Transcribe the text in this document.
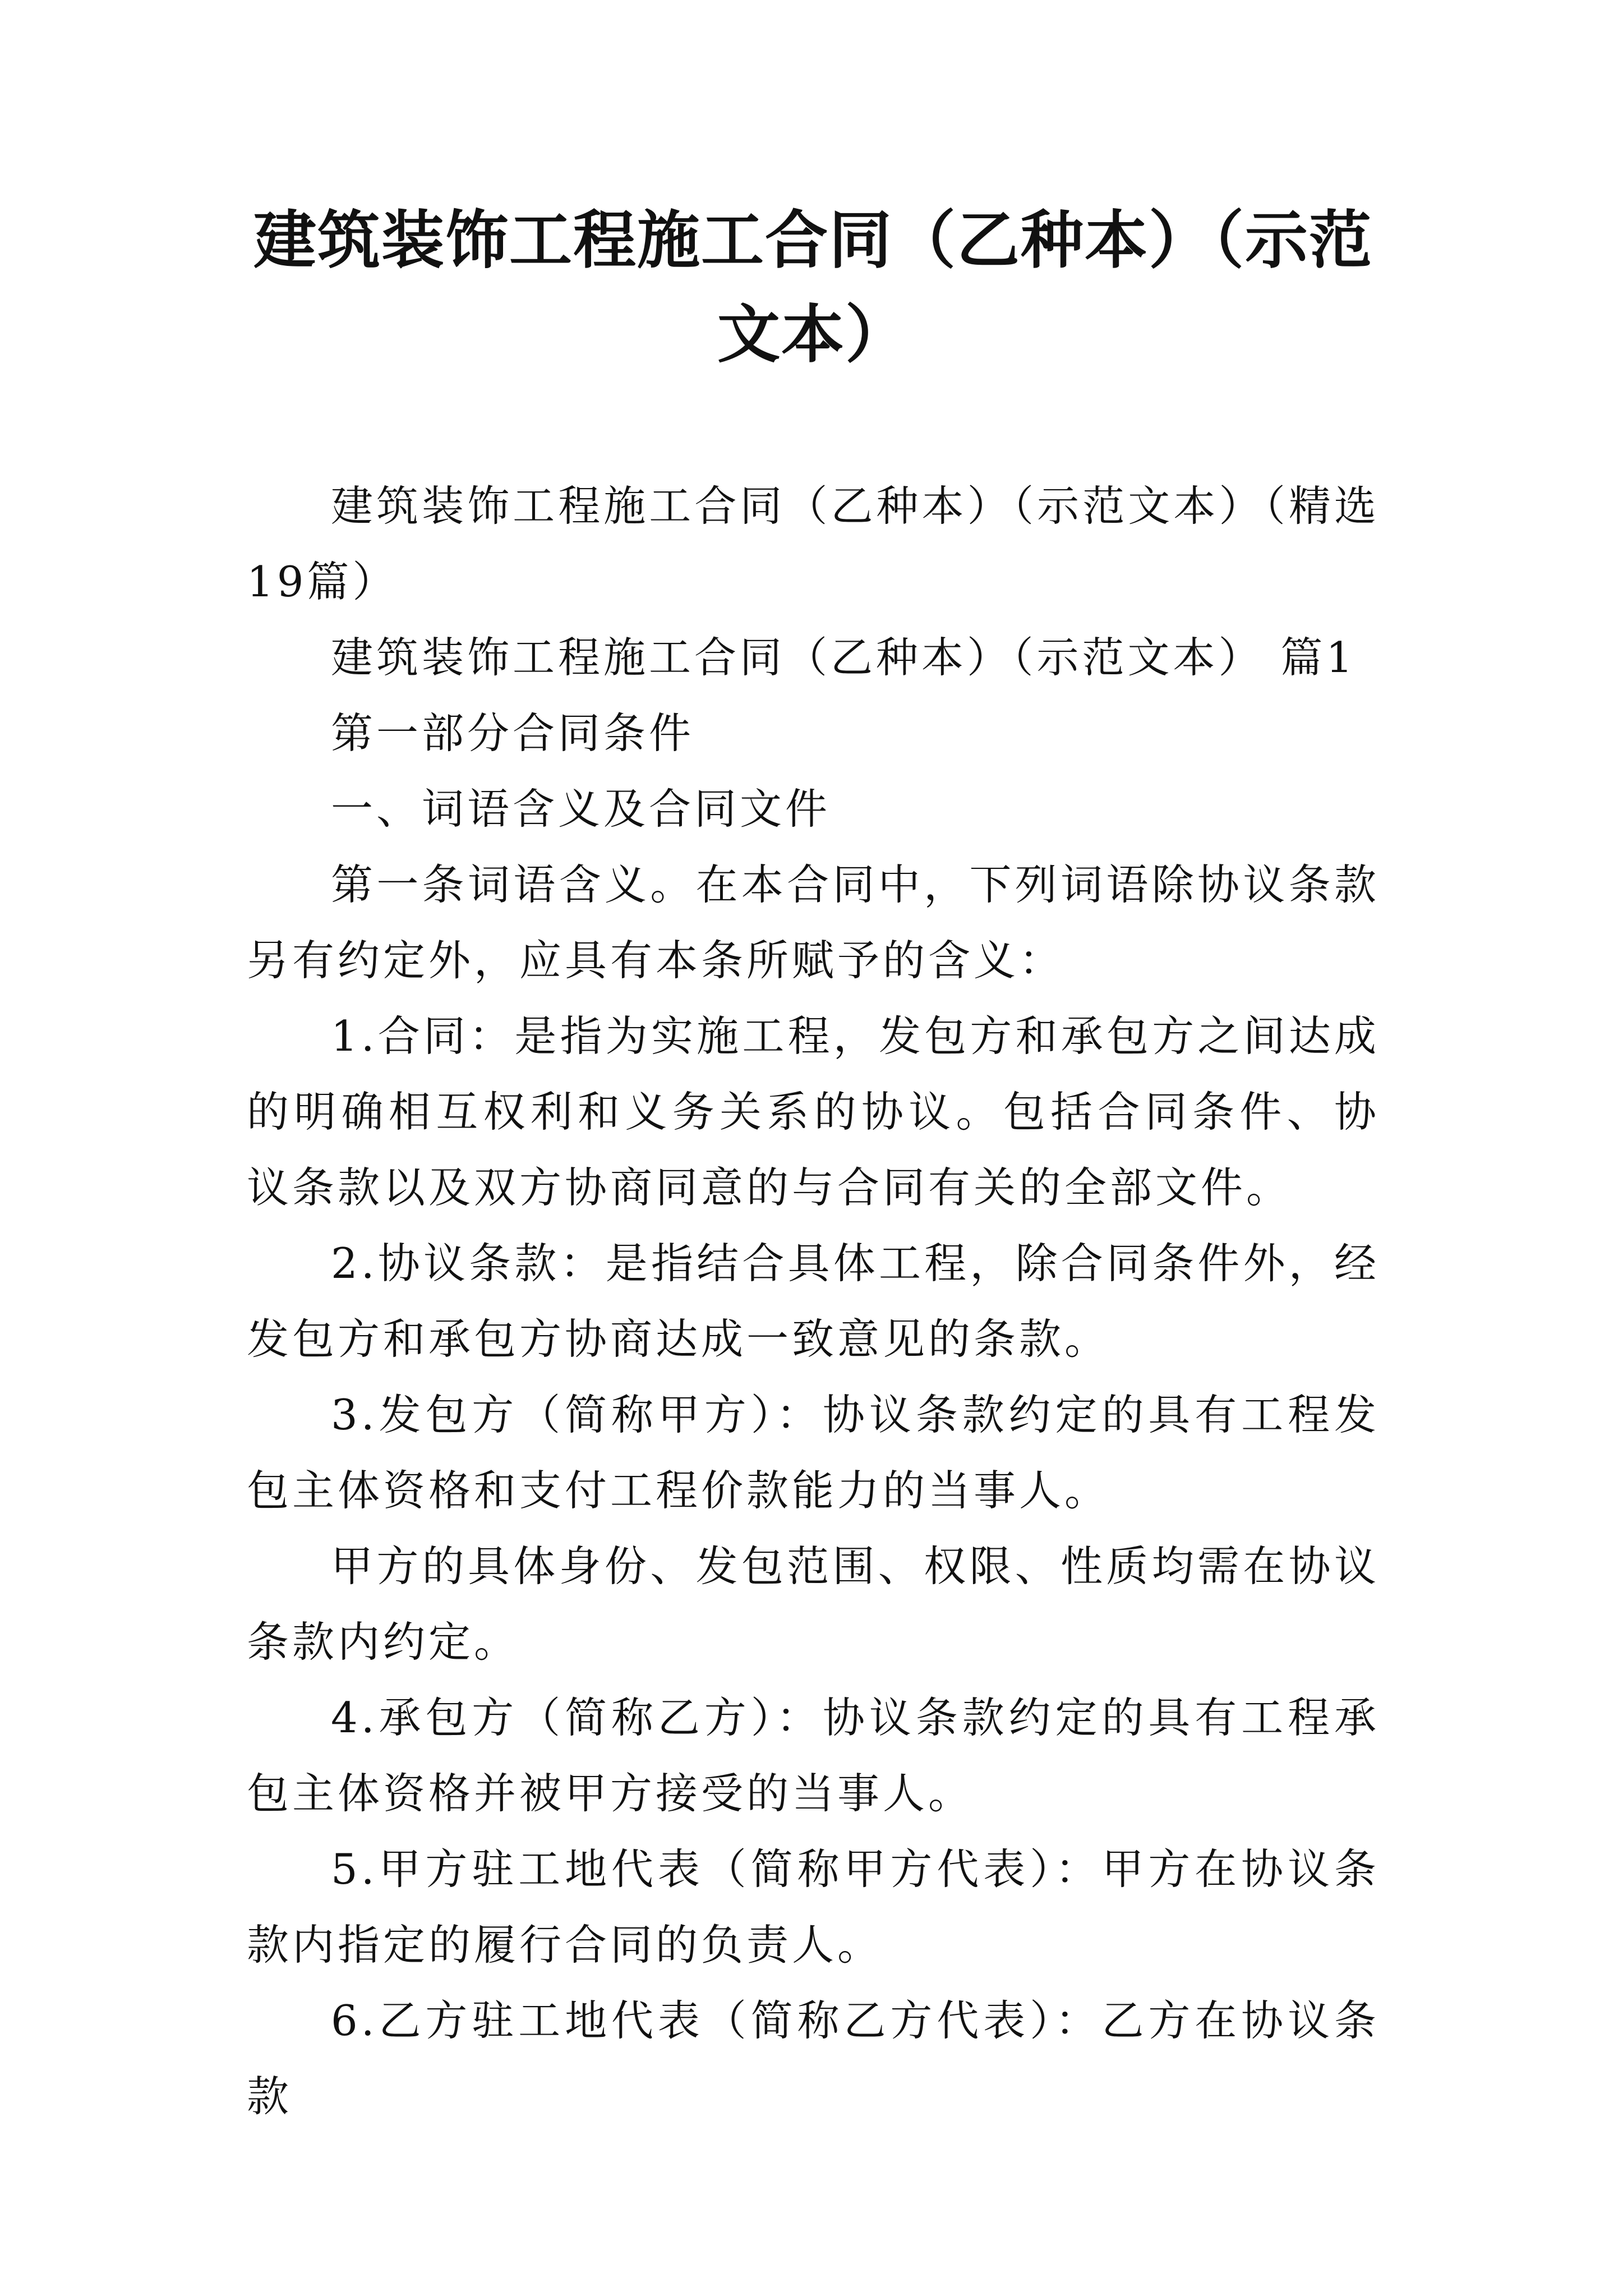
建筑装饰工程施工合同（乙种本）（示范文本）

建筑装饰工程施工合同（乙种本）（示范文本）（精选19篇）

建筑装饰工程施工合同（乙种本）（示范文本） 篇1

第一部分合同条件

一、词语含义及合同文件

第一条词语含义。在本合同中，下列词语除协议条款另有约定外，应具有本条所赋予的含义：

1.合同：是指为实施工程，发包方和承包方之间达成的明确相互权利和义务关系的协议。包括合同条件、协议条款以及双方协商同意的与合同有关的全部文件。

2.协议条款：是指结合具体工程，除合同条件外，经发包方和承包方协商达成一致意见的条款。

3.发包方（简称甲方）：协议条款约定的具有工程发包主体资格和支付工程价款能力的当事人。

甲方的具体身份、发包范围、权限、性质均需在协议条款内约定。

4.承包方（简称乙方）：协议条款约定的具有工程承包主体资格并被甲方接受的当事人。

5.甲方驻工地代表（简称甲方代表）：甲方在协议条款内指定的履行合同的负责人。

6.乙方驻工地代表（简称乙方代表）：乙方在协议条款
